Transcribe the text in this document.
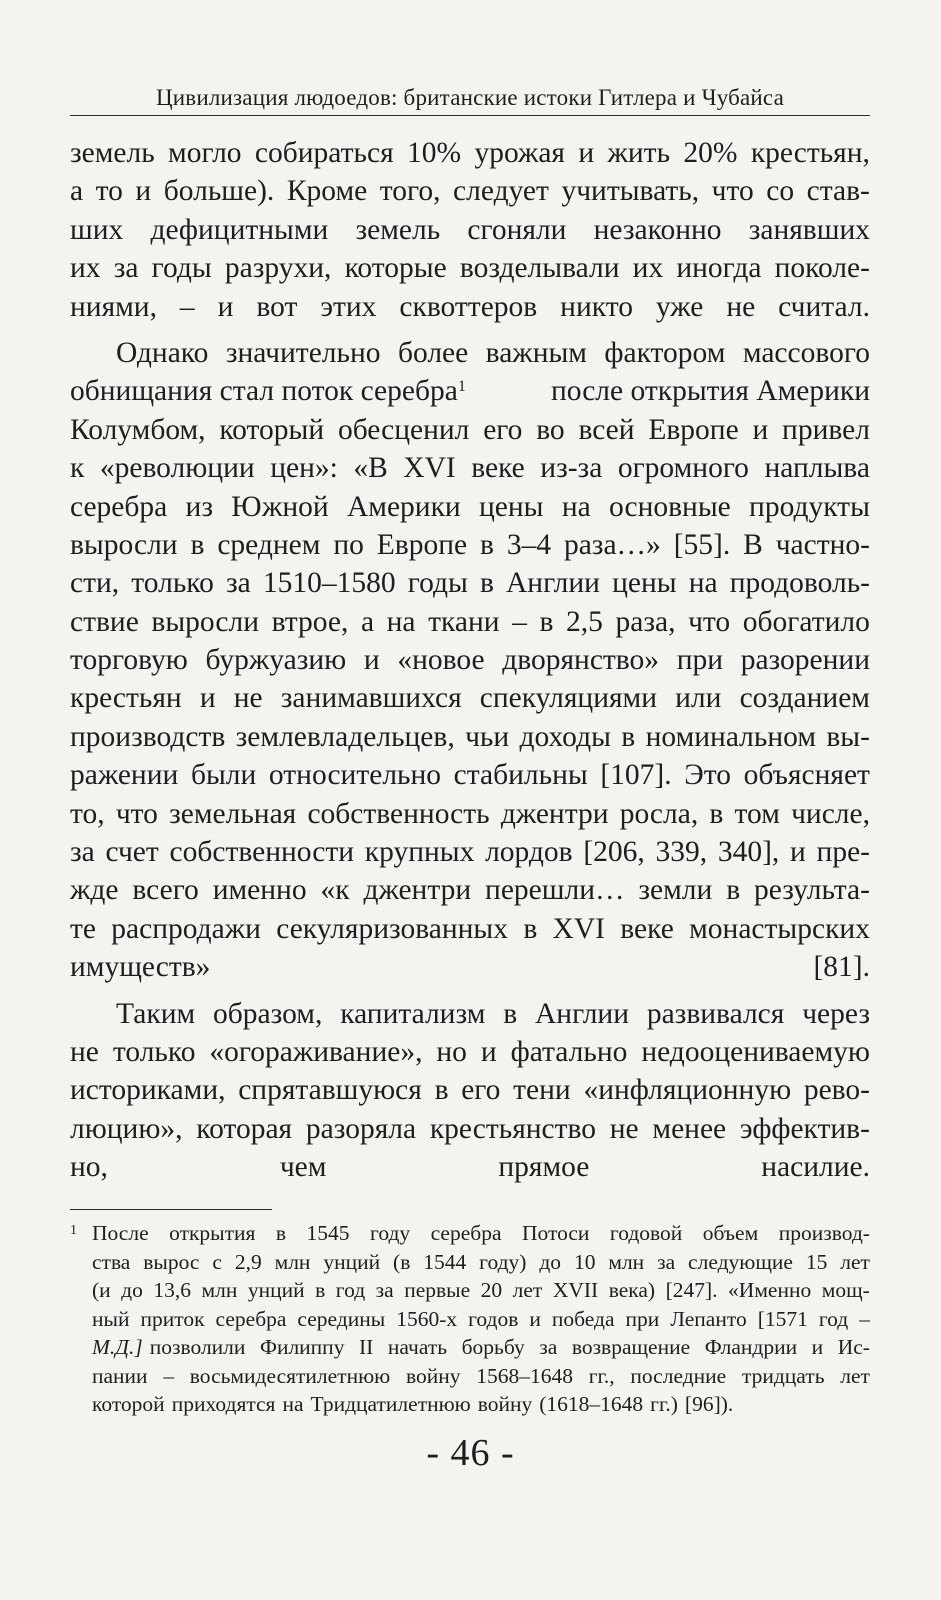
Цивилизация людоедов: британские истоки Гитлера и Чубайса
земель могло собираться 10% урожая и жить 20% крестьян,
а то и больше). Кроме того, следует учитывать, что со став-
ших дефицитными земель сгоняли незаконно занявших
их за годы разрухи, которые возделывали их иногда поколе-
ниями, – и вот этих сквоттеров никто уже не считал.
Однако значительно более важным фактором массового
обнищания стал поток серебра$^1$	после открытия Америки
Колумбом, который обесценил его во всей Европе и привел
к «революции цен»: «В XVI веке из-за огромного наплыва
серебра из Южной Америки цены на основные продукты
выросли в среднем по Европе в 3–4 раза…» [55]. В частно-
сти, только за 1510–1580 годы в Англии цены на продоволь-
ствие выросли втрое, а на ткани – в 2,5 раза, что обогатило
торговую буржуазию и «новое дворянство» при разорении
крестьян и не занимавшихся спекуляциями или созданием
производств землевладельцев, чьи доходы в номинальном вы-
ражении были относительно стабильны [107]. Это объясняет
то, что земельная собственность джентри росла, в том числе,
за счет собственности крупных лордов [206, 339, 340], и пре-
жде всего именно «к джентри перешли… земли в результа-
те распродажи секуляризованных в XVI веке монастырских
имуществ» [81].
Таким образом, капитализм в Англии развивался через
не только «огораживание», но и фатально недооцениваемую
историками, спрятавшуюся в его тени «инфляционную рево-
люцию», которая разоряла крестьянство не менее эффектив-
но, чем прямое насилие.
1 После открытия в 1545 году серебра Потоси годовой объем производ-
ства вырос с 2,9 млн унций (в 1544 году) до 10 млн за следующие 15 лет
(и до 13,6 млн унций в год за первые 20 лет XVII века) [247]. «Именно мощ-
ный приток серебра середины 1560-х годов и победа при Лепанто [1571 год –
М.Д.] позволили Филиппу II начать борьбу за возвращение Фландрии и Ис-
пании – восьмидесятилетнюю войну 1568–1648 гг., последние тридцать лет
которой приходятся на Тридцатилетнюю войну (1618–1648 гг.) [96]).
- 46 -
